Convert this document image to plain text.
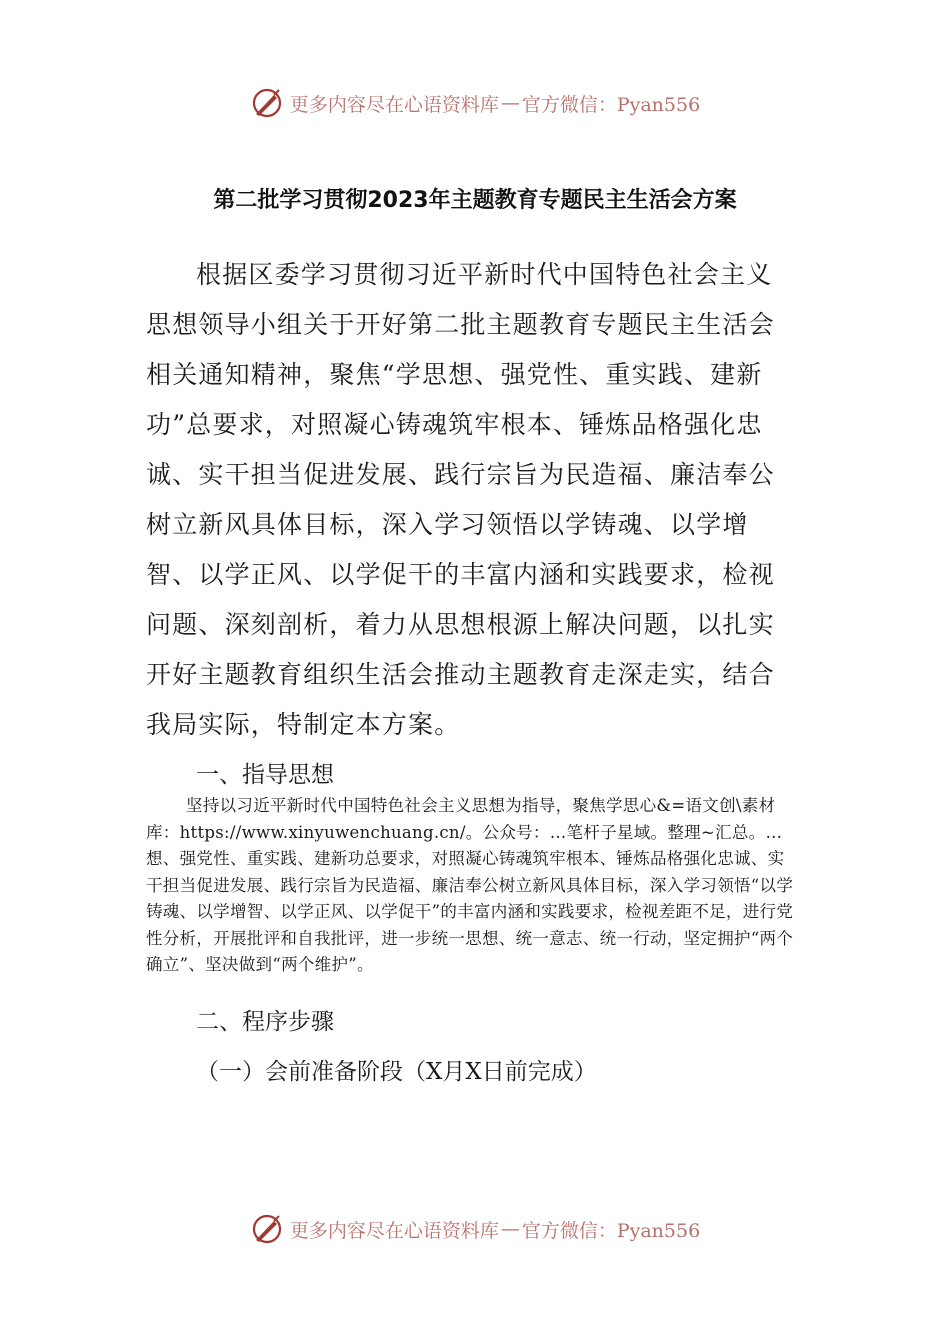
更多内容尽在心语资料库 — 官方微信：Pyan556
第二批学习贯彻2023年主题教育专题民主生活会方案

根据区委学习贯彻习近平新时代中国特色社会主义思想领导小组关于开好第二批主题教育专题民主生活会相关通知精神，聚焦“学思想、强党性、重实践、建新功”总要求，对照凝心铸魂筑牢根本、锤炼品格强化忠诚、实干担当促进发展、践行宗旨为民造福、廉洁奉公树立新风具体目标，深入学习领悟以学铸魂、以学增智、以学正风、以学促干的丰富内涵和实践要求，检视问题、深刻剖析，着力从思想根源上解决问题，以扎实开好主题教育组织生活会推动主题教育走深走实，结合我局实际，特制定本方案。

一、指导思想

坚持以习近平新时代中国特色社会主义思想为指导，聚焦学思心&=语文创\素材库：https://www.xinyuwenchuang.cn/。公众号：…笔杆子星域。整理~汇总。…想、强党性、重实践、建新功总要求，对照凝心铸魂筑牢根本、锤炼品格强化忠诚、实干担当促进发展、践行宗旨为民造福、廉洁奉公树立新风具体目标，深入学习领悟“以学铸魂、以学增智、以学正风、以学促干”的丰富内涵和实践要求，检视差距不足，进行党性分析，开展批评和自我批评，进一步统一思想、统一意志、统一行动，坚定拥护“两个确立”、坚决做到“两个维护”。

二、程序步骤

（一）会前准备阶段（X月X日前完成）

更多内容尽在心语资料库 — 官方微信：Pyan556
